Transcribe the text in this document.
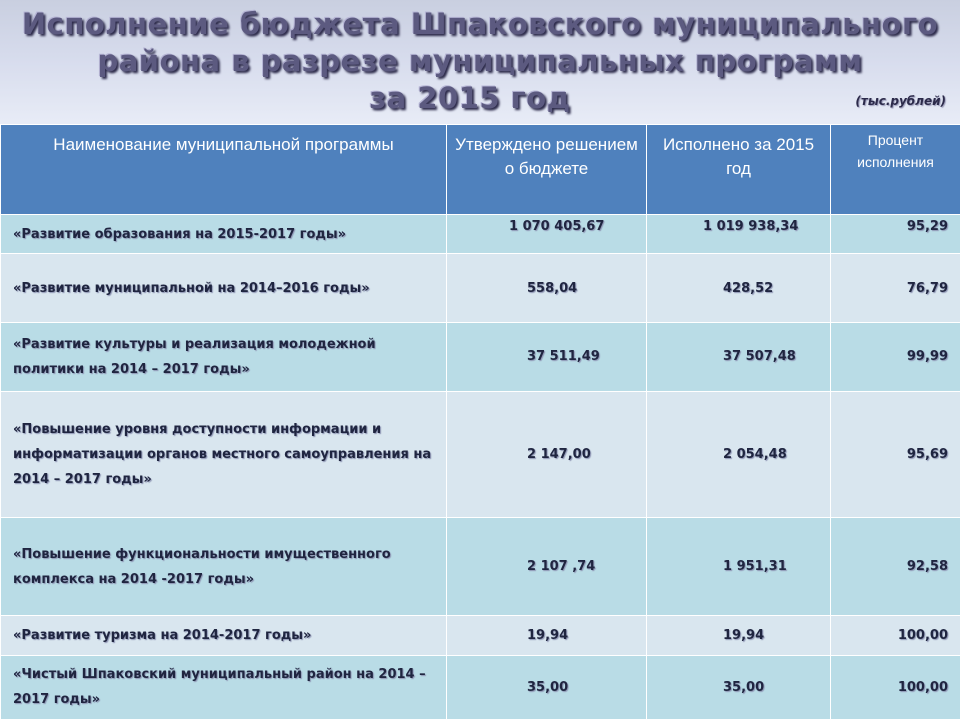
Исполнение бюджета Шпаковского муниципального
района в разрезе муниципальных программ
за 2015 год	(тыс.рублей)
Наименование муниципальной программы	Утверждено решением о бюджете	Исполнено за 2015 год	Процент исполнения
«Развитие образования на 2015-2017 годы»	1 070 405,67	1 019 938,34	95,29
«Развитие муниципальной на 2014–2016 годы»	558,04	428,52	76,79
«Развитие культуры и реализация молодежной политики на 2014 – 2017 годы»	37 511,49	37 507,48	99,99
«Повышение уровня доступности информации и информатизации органов местного самоуправления на 2014 – 2017 годы»	2 147,00	2 054,48	95,69
«Повышение функциональности имущественного комплекса на 2014 -2017 годы»	2 107 ,74	1 951,31	92,58
«Развитие туризма на 2014-2017 годы»	19,94	19,94	100,00
«Чистый Шпаковский муниципальный район на 2014 – 2017 годы»	35,00	35,00	100,00
